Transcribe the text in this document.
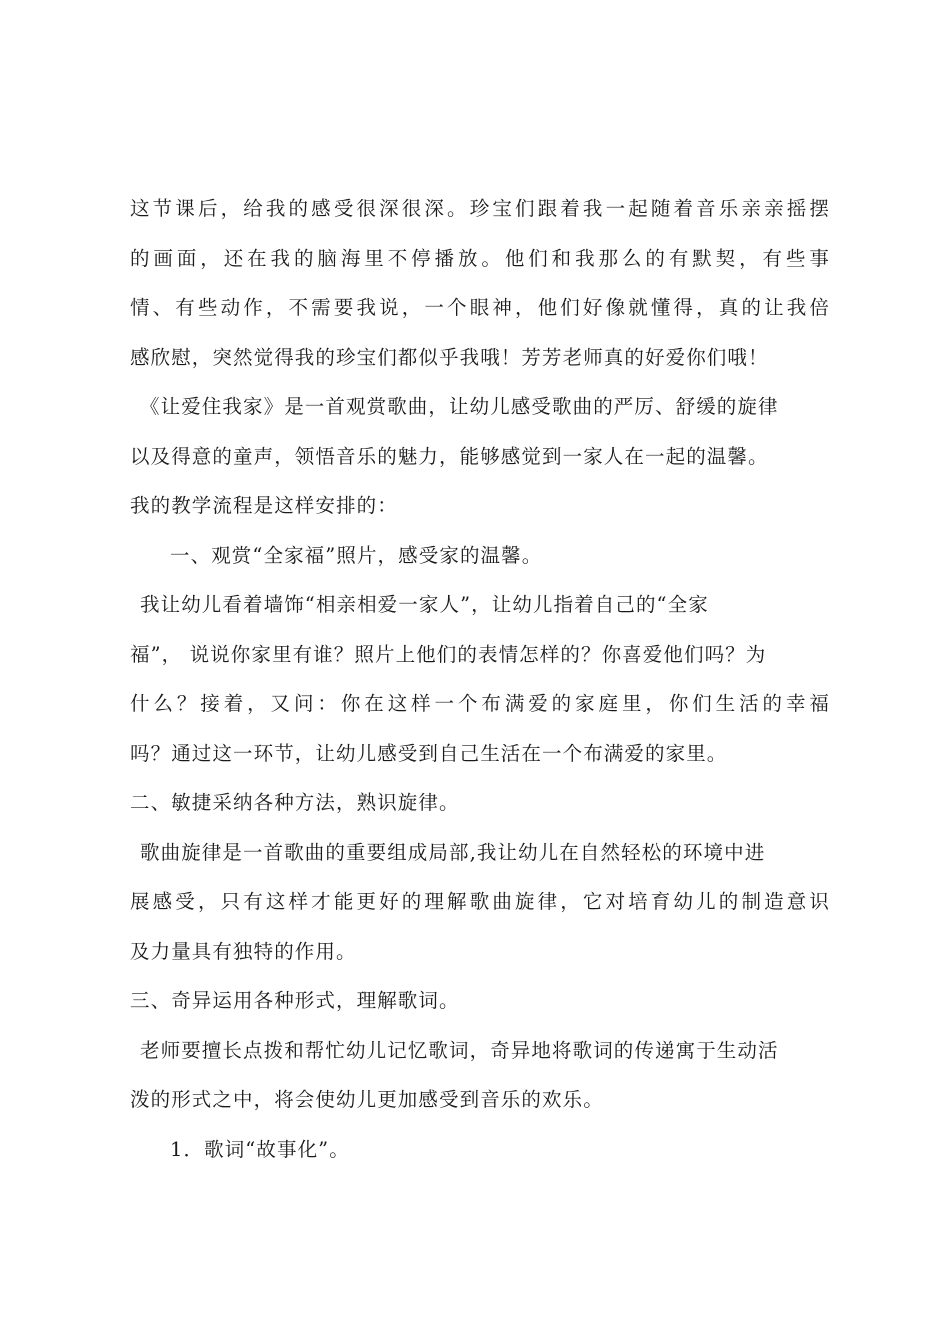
这节课后，给我的感受很深很深。珍宝们跟着我一起随着音乐亲亲摇摆
的画面，还在我的脑海里不停播放。他们和我那么的有默契，有些事
情、有些动作，不需要我说，一个眼神，他们好像就懂得，真的让我倍
感欣慰，突然觉得我的珍宝们都似乎我哦！芳芳老师真的好爱你们哦！
《让爱住我家》是一首观赏歌曲，让幼儿感受歌曲的严厉、舒缓的旋律
以及得意的童声，领悟音乐的魅力，能够感觉到一家人在一起的温馨。
我的教学流程是这样安排的：
一、观赏“全家福”照片，感受家的温馨。
我让幼儿看着墙饰“相亲相爱一家人”，让幼儿指着自己的“全家
福”， 说说你家里有谁？照片上他们的表情怎样的？你喜爱他们吗？为
什么？接着，又问：你在这样一个布满爱的家庭里，你们生活的幸福
吗？通过这一环节，让幼儿感受到自己生活在一个布满爱的家里。
二、敏捷采纳各种方法，熟识旋律。
歌曲旋律是一首歌曲的重要组成局部,我让幼儿在自然轻松的环境中进
展感受，只有这样才能更好的理解歌曲旋律，它对培育幼儿的制造意识
及力量具有独特的作用。
三、奇异运用各种形式，理解歌词。
老师要擅长点拨和帮忙幼儿记忆歌词，奇异地将歌词的传递寓于生动活
泼的形式之中，将会使幼儿更加感受到音乐的欢乐。
1．歌词“故事化”。
